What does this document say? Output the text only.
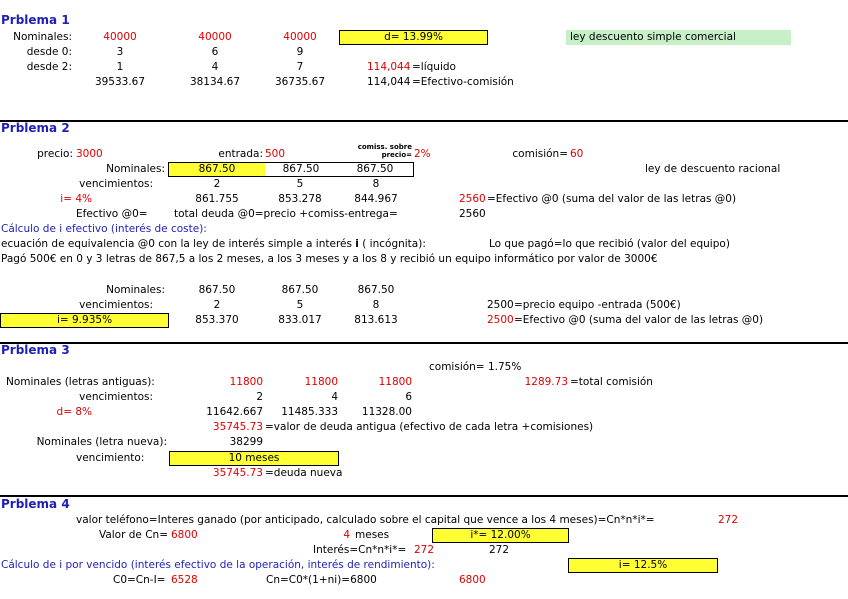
Prblema 1
Nominales:	40000	40000	40000	d= 13.99%	ley descuento simple comercial
desde 0:	3	6	9
desde 2:	1	4	7	114,044 =líquido
39533.67	38134.67	36735.67	114,044 =Efectivo-comisión
Prblema 2
precio: 3000	entrada: 500
comiss. sobre
precio= 2%	comisión= 60
Nominales:	867.50	867.50	867.50	ley de descuento racional
vencimientos:	2	5	8
i= 4%	861.755	853.278	844.967	2560 =Efectivo @0 (suma del valor de las letras @0)
Efectivo @0=	total deuda @0=precio +comiss-entrega=	2560
Cálculo de i efectivo (interés de coste):
ecuación de equivalencia @0 con la ley de interés simple a interés i ( incógnita):	Lo que pagó=lo que recibió (valor del equipo)
Pagó 500€ en 0 y 3 letras de 867,5 a los 2 meses, a los 3 meses y a los 8 y recibió un equipo informático por valor de 3000€
Nominales:	867.50	867.50	867.50
vencimientos:	2	5	8	2500 =precio equipo -entrada (500€)
i= 9.935%	853.370	833.017	813.613	2500 =Efectivo @0 (suma del valor de las letras @0)
Prblema 3
comisión= 1.75%
Nominales (letras antiguas):	11800	11800	11800	1289.73 =total comisión
vencimientos:	2	4	6
d= 8%	11642.667	11485.333	11328.00
35745.73 =valor de deuda antigua (efectivo de cada letra +comisiones)
Nominales (letra nueva):	38299
vencimiento:	10 meses
35745.73 =deuda nueva
Prblema 4
valor teléfono=Interes ganado (por anticipado, calculado sobre el capital que vence a los 4 meses)=Cn*n*i*=	272
Valor de Cn= 6800	4 meses	i*= 12.00%
Interés=Cn*n*i*= 272	272
Cálculo de i por vencido (interés efectivo de la operación, interés de rendimiento):	i= 12.5%
C0=Cn-I= 6528	Cn=C0*(1+ni)=6800	6800
